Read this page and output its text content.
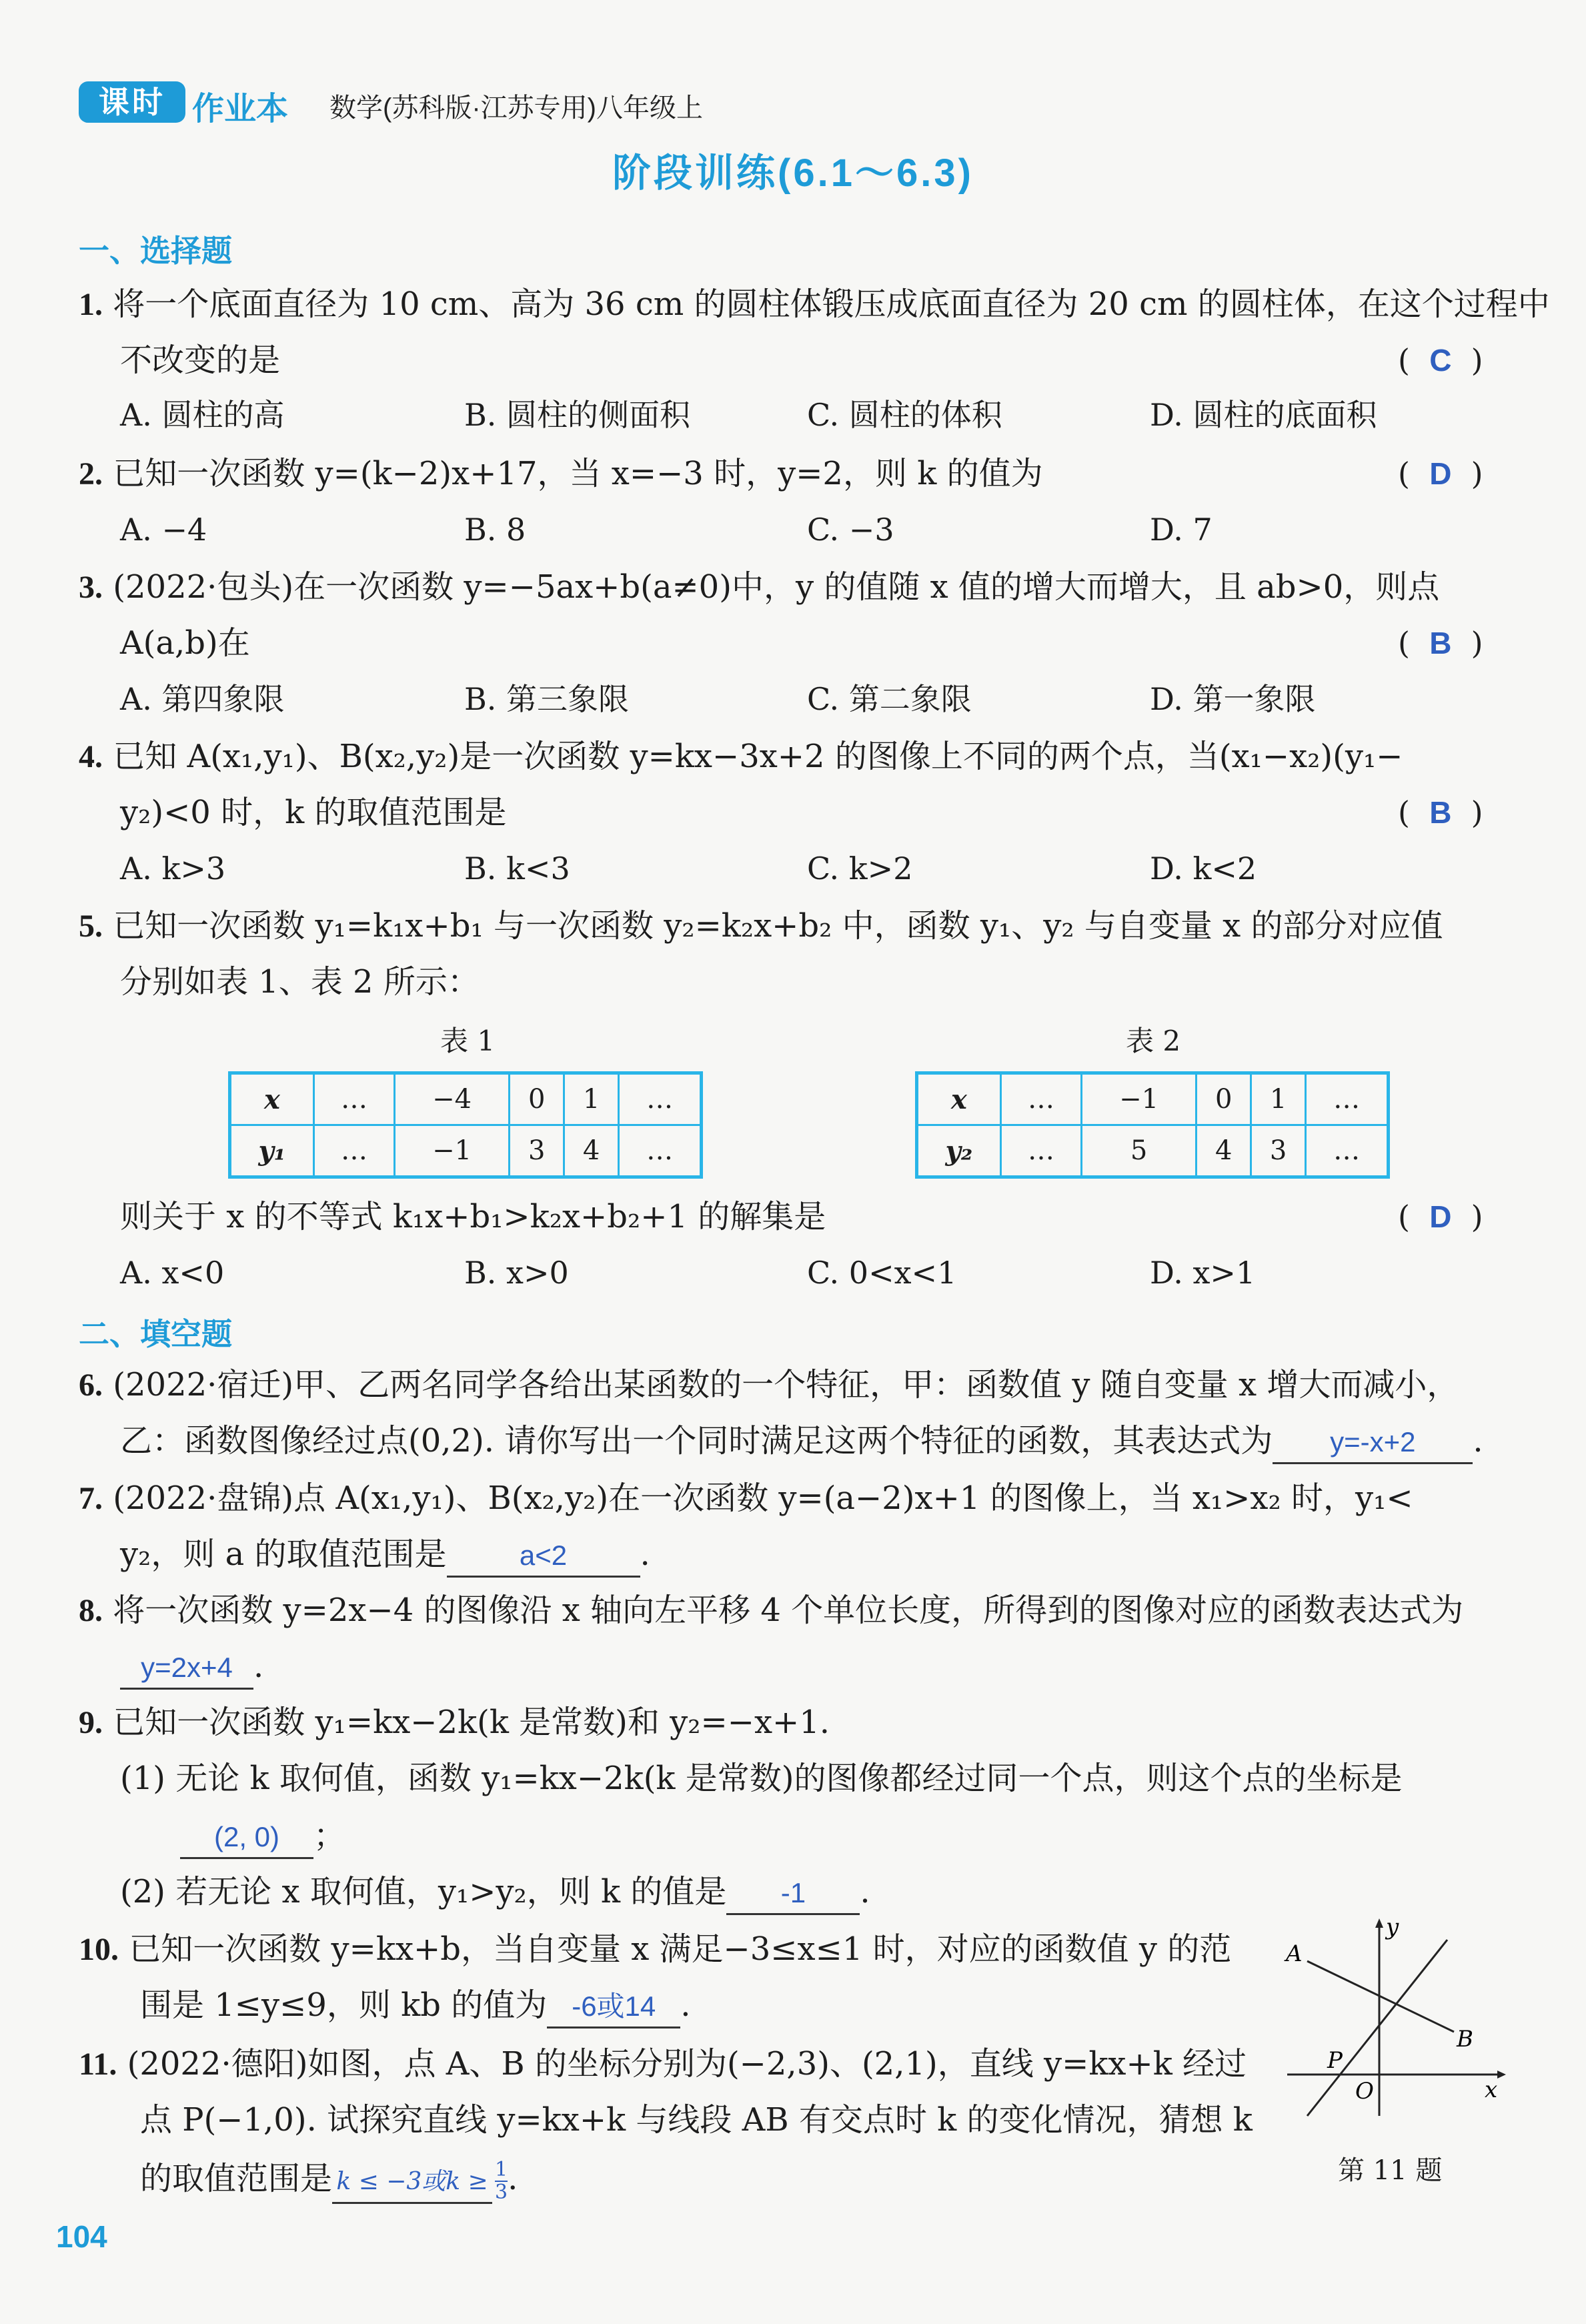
课时 作业本 数学(苏科版·江苏专用)八年级上
阶段训练(6.1～6.3)
一、选择题
1. 将一个底面直径为 10 cm、高为 36 cm 的圆柱体锻压成底面直径为 20 cm 的圆柱体，在这个过程中
不改变的是	(  C  )
A. 圆柱的高	B. 圆柱的侧面积	C. 圆柱的体积	D. 圆柱的底面积
2. 已知一次函数 y=(k−2)x+17，当 x=−3 时，y=2，则 k 的值为	(  D  )
A. −4	B. 8	C. −3	D. 7
3. (2022·包头)在一次函数 y=−5ax+b(a≠0)中，y 的值随 x 值的增大而增大，且 ab>0，则点
A(a,b)在	(  B  )
A. 第四象限	B. 第三象限	C. 第二象限	D. 第一象限
4. 已知 A(x₁,y₁)、B(x₂,y₂)是一次函数 y=kx−3x+2 的图像上不同的两个点，当(x₁−x₂)(y₁−
y₂)<0 时，k 的取值范围是	(  B  )
A. k>3	B. k<3	C. k>2	D. k<2
5. 已知一次函数 y₁=k₁x+b₁ 与一次函数 y₂=k₂x+b₂ 中，函数 y₁、y₂ 与自变量 x 的部分对应值
分别如表 1、表 2 所示：
表 1
x	…	−4	0	1	…
y₁	…	−1	3	4	…
表 2
x	…	−1	0	1	…
y₂	…	5	4	3	…
则关于 x 的不等式 k₁x+b₁>k₂x+b₂+1 的解集是	(  D  )
A. x<0	B. x>0	C. 0<x<1	D. x>1
二、填空题
6. (2022·宿迁)甲、乙两名同学各给出某函数的一个特征，甲：函数值 y 随自变量 x 增大而减小，
乙：函数图像经过点(0,2). 请你写出一个同时满足这两个特征的函数，其表达式为 y=-x+2 .
7. (2022·盘锦)点 A(x₁,y₁)、B(x₂,y₂)在一次函数 y=(a−2)x+1 的图像上，当 x₁>x₂ 时，y₁<
y₂，则 a 的取值范围是	a<2 .
8. 将一次函数 y=2x−4 的图像沿 x 轴向左平移 4 个单位长度，所得到的图像对应的函数表达式为
y=2x+4 .
9. 已知一次函数 y₁=kx−2k(k 是常数)和 y₂=−x+1.
(1) 无论 k 取何值，函数 y₁=kx−2k(k 是常数)的图像都经过同一个点，则这个点的坐标是
(2, 0) ；
(2) 若无论 x 取何值，y₁>y₂，则 k 的值是 -1 .
10. 已知一次函数 y=kx+b，当自变量 x 满足−3≤x≤1 时，对应的函数值 y 的范
围是 1≤y≤9，则 kb 的值为 -6或14 .
11. (2022·德阳)如图，点 A、B 的坐标分别为(−2,3)、(2,1)，直线 y=kx+k 经过
点 P(−1,0). 试探究直线 y=kx+k 与线段 AB 有交点时 k 的变化情况，猜想 k
的取值范围是 k ≤ −3或$k \ge \frac{1}{3}$ .
y
x
O
A
B
P
第 11 题
104
